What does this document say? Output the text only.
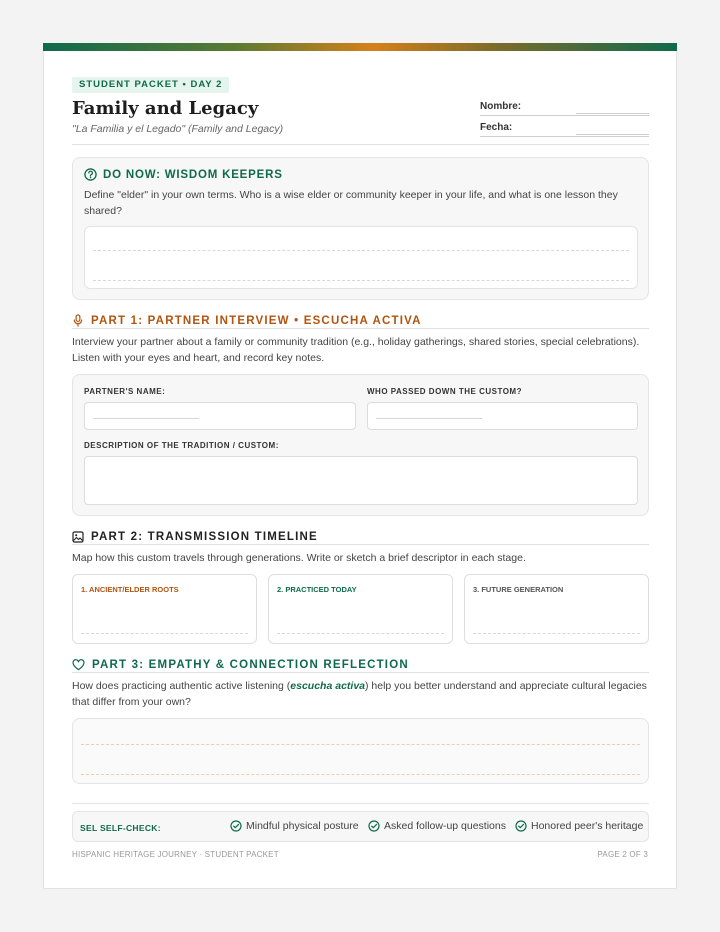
STUDENT PACKET • DAY 2
Family and Legacy
"La Familia y el Legado" (Family and Legacy)
Nombre:
Fecha:
DO NOW: WISDOM KEEPERS
Define "elder" in your own terms. Who is a wise elder or community keeper in your life, and what is one lesson they shared?
PART 1: PARTNER INTERVIEW • ESCUCHA ACTIVA
Interview your partner about a family or community tradition (e.g., holiday gatherings, shared stories, special celebrations). Listen with your eyes and heart, and record key notes.
PARTNER'S NAME:	WHO PASSED DOWN THE CUSTOM?
DESCRIPTION OF THE TRADITION / CUSTOM:
PART 2: TRANSMISSION TIMELINE
Map how this custom travels through generations. Write or sketch a brief descriptor in each stage.
1. ANCIENT/ELDER ROOTS	2. PRACTICED TODAY	3. FUTURE GENERATION
PART 3: EMPATHY & CONNECTION REFLECTION
How does practicing authentic active listening (escucha activa) help you better understand and appreciate cultural legacies that differ from your own?
SEL SELF-CHECK:	Mindful physical posture Asked follow-up questions Honored peer's heritage
HISPANIC HERITAGE JOURNEY · STUDENT PACKET	PAGE 2 OF 3
